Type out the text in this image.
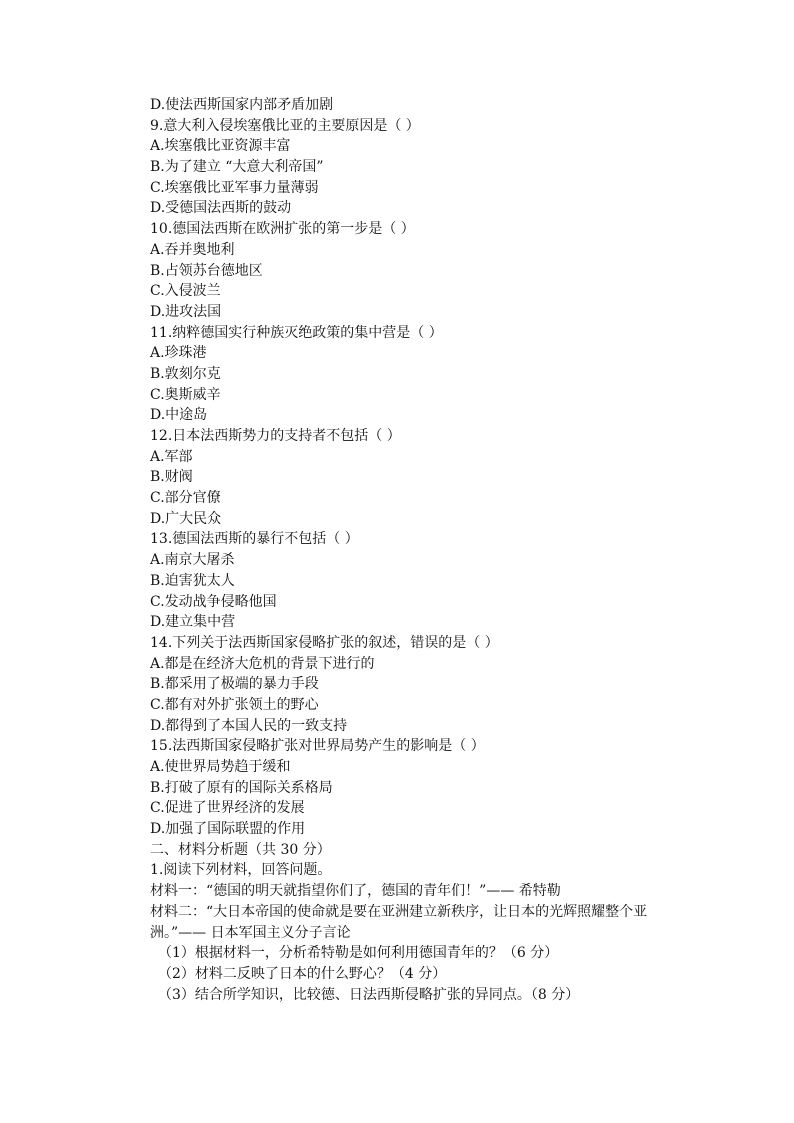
D.使法西斯国家内部矛盾加剧
9.意大利入侵埃塞俄比亚的主要原因是（ ）
A.埃塞俄比亚资源丰富
B.为了建立 “大意大利帝国”
C.埃塞俄比亚军事力量薄弱
D.受德国法西斯的鼓动
10.德国法西斯在欧洲扩张的第一步是（ ）
A.吞并奥地利
B.占领苏台德地区
C.入侵波兰
D.进攻法国
11.纳粹德国实行种族灭绝政策的集中营是（ ）
A.珍珠港
B.敦刻尔克
C.奥斯威辛
D.中途岛
12.日本法西斯势力的支持者不包括（ ）
A.军部
B.财阀
C.部分官僚
D.广大民众
13.德国法西斯的暴行不包括（ ）
A.南京大屠杀
B.迫害犹太人
C.发动战争侵略他国
D.建立集中营
14.下列关于法西斯国家侵略扩张的叙述，错误的是（ ）
A.都是在经济大危机的背景下进行的
B.都采用了极端的暴力手段
C.都有对外扩张领土的野心
D.都得到了本国人民的一致支持
15.法西斯国家侵略扩张对世界局势产生的影响是（ ）
A.使世界局势趋于缓和
B.打破了原有的国际关系格局
C.促进了世界经济的发展
D.加强了国际联盟的作用
二、材料分析题（共 30 分）
1.阅读下列材料，回答问题。
材料一：“德国的明天就指望你们了，德国的青年们！”—— 希特勒
材料二：“大日本帝国的使命就是要在亚洲建立新秩序，让日本的光辉照耀整个亚洲。”—— 日本军国主义分子言论
（1）根据材料一，分析希特勒是如何利用德国青年的？（6 分）
（2）材料二反映了日本的什么野心？（4 分）
（3）结合所学知识，比较德、日法西斯侵略扩张的异同点。（8 分）
